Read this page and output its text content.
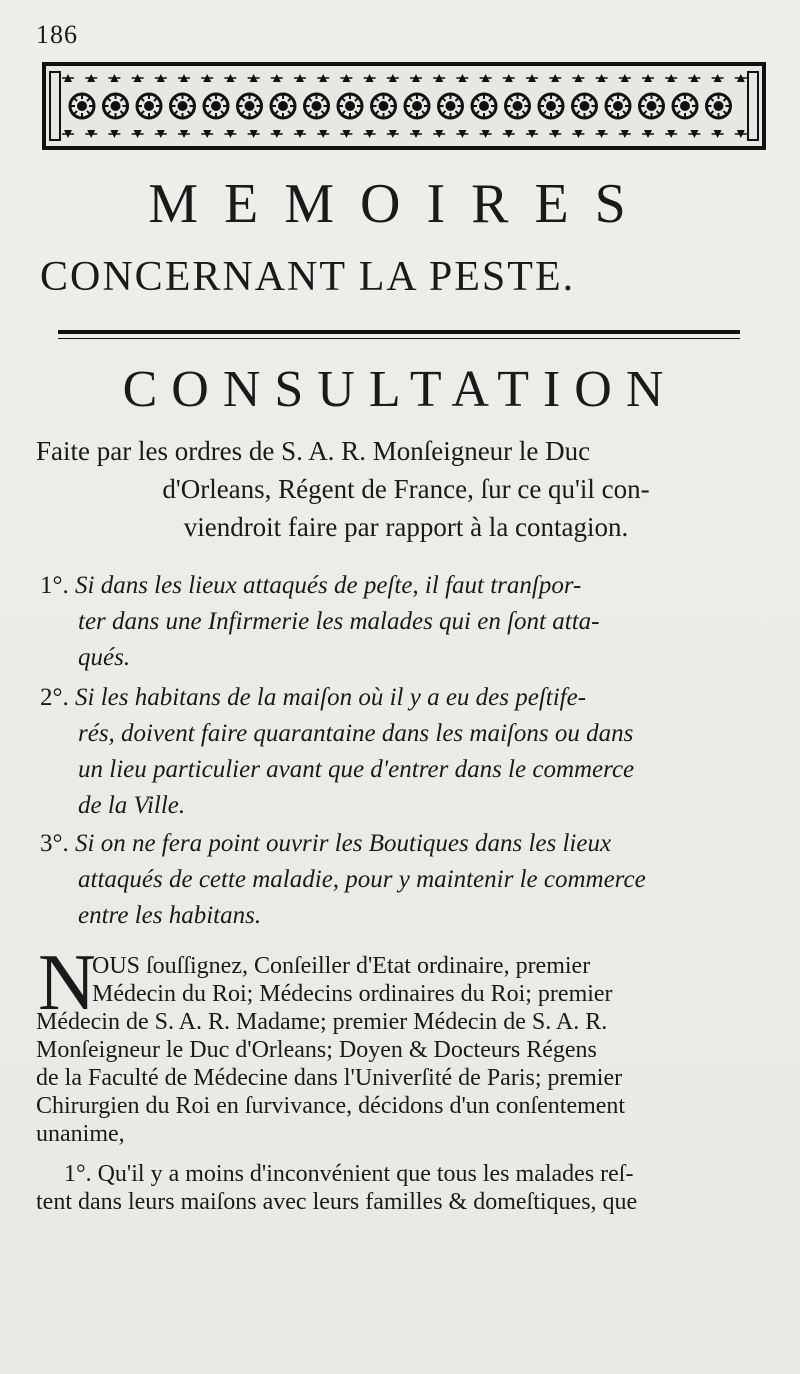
186
MEMOIRES
CONCERNANT LA PESTE.
CONSULTATION
Faite par les ordres de S. A. R. Monſeigneur le Duc
d'Orleans, Régent de France, ſur ce qu'il con-
viendroit faire par rapport à la contagion.
1°. Si dans les lieux attaqués de peſte, il faut tranſpor-
ter dans une Infirmerie les malades qui en ſont atta-
qués.
2°. Si les habitans de la maiſon où il y a eu des peſtife-
rés, doivent faire quarantaine dans les maiſons ou dans
un lieu particulier avant que d'entrer dans le commerce
de la Ville.
3°. Si on ne fera point ouvrir les Boutiques dans les lieux
attaqués de cette maladie, pour y maintenir le commerce
entre les habitans.
N
OUS ſouſſignez, Conſeiller d'Etat ordinaire, premier
Médecin du Roi; Médecins ordinaires du Roi; premier
Médecin de S. A. R. Madame; premier Médecin de S. A. R.
Monſeigneur le Duc d'Orleans; Doyen & Docteurs Régens
de la Faculté de Médecine dans l'Univerſité de Paris; premier
Chirurgien du Roi en ſurvivance, décidons d'un conſentement
unanime,
1°. Qu'il y a moins d'inconvénient que tous les malades reſ-
tent dans leurs maiſons avec leurs familles & domeſtiques, que
